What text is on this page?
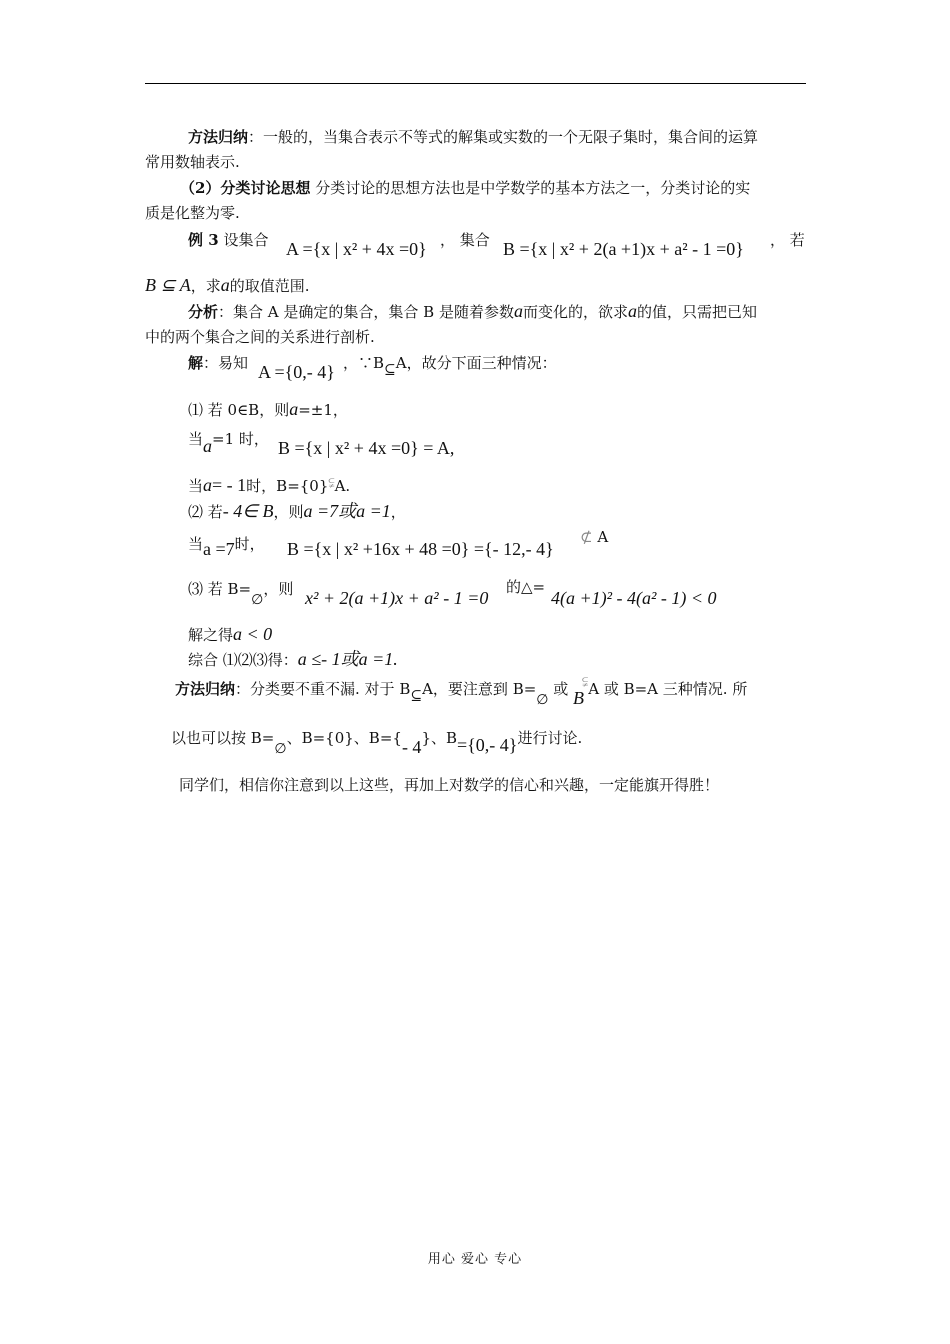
方法归纳：一般的，当集合表示不等式的解集或实数的一个无限子集时，集合间的运算
常用数轴表示.
（2）分类讨论思想 分类讨论的思想方法也是中学数学的基本方法之一，分类讨论的实
质是化整为零.
例 3 设集合 A ={x | x² + 4x =0} ， 集合 B ={x | x² + 2(a +1)x + a² - 1 =0} ， 若
B ⊆ A，求a的取值范围.
分析：集合 A 是确定的集合，集合 B 是随着参数a而变化的，欲求a的值，只需把已知
中的两个集合之间的关系进行剖析.
解：易知 A ={0,- 4} ，∵B⊆A，故分下面三种情况：
⑴ 若 0∈B，则a=±1，
当a=1 时， B ={x | x² + 4x =0} = A,
当a= - 1时，B={0}⫋A.
⑵ 若- 4∈ B，则a =7或a =1，
当a =7时， B ={x | x² +16x + 48 =0} ={- 12,- 4}
⊄ A
⑶ 若 B=∅，则 x² + 2(a +1)x + a² - 1 =0
的△=
4(a +1)² - 4(a² - 1) < 0
解之得a < 0
综合 ⑴⑵⑶得：a ≤- 1或a =1.
方法归纳：分类要不重不漏. 对于 B⊆A，要注意到 B=∅ 或 B⫋A 或 B=A 三种情况. 所
以也可以按 B=∅、B={0}、B={- 4}、B={0,- 4}进行讨论.
同学们，相信你注意到以上这些，再加上对数学的信心和兴趣，一定能旗开得胜！
用心 爱心 专心
